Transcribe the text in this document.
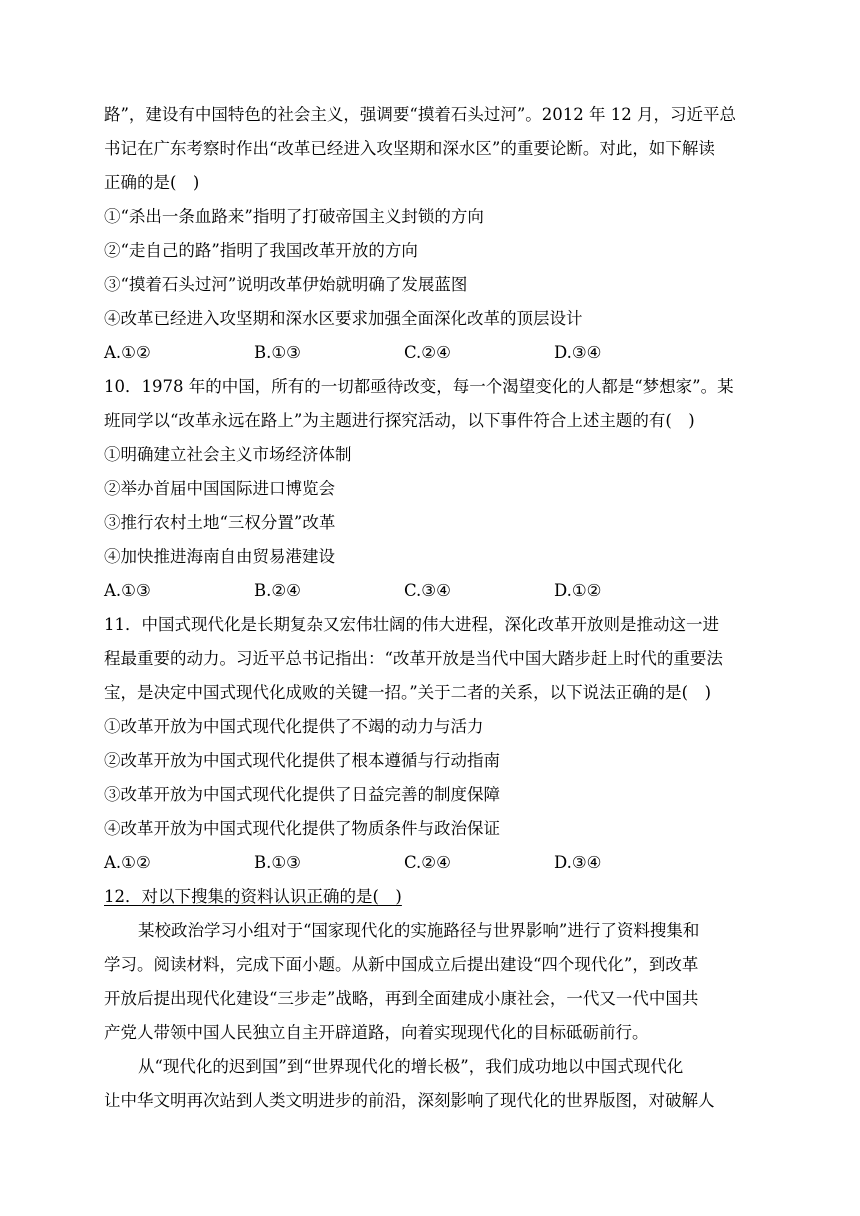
路”，建设有中国特色的社会主义，强调要“摸着石头过河”。2012 年 12 月，习近平总
书记在广东考察时作出“改革已经进入攻坚期和深水区”的重要论断。对此，如下解读
正确的是(　)
①“杀出一条血路来”指明了打破帝国主义封锁的方向
②“走自己的路”指明了我国改革开放的方向
③“摸着石头过河”说明改革伊始就明确了发展蓝图
④改革已经进入攻坚期和深水区要求加强全面深化改革的顶层设计
A.①②	B.①③	C.②④	D.③④
10．1978 年的中国，所有的一切都亟待改变，每一个渴望变化的人都是“梦想家”。某
班同学以“改革永远在路上”为主题进行探究活动，以下事件符合上述主题的有(　)
①明确建立社会主义市场经济体制
②举办首届中国国际进口博览会
③推行农村土地“三权分置”改革
④加快推进海南自由贸易港建设
A.①③	B.②④	C.③④	D.①②
11．中国式现代化是长期复杂又宏伟壮阔的伟大进程，深化改革开放则是推动这一进
程最重要的动力。习近平总书记指出：“改革开放是当代中国大踏步赶上时代的重要法
宝，是决定中国式现代化成败的关键一招。”关于二者的关系，以下说法正确的是(　)
①改革开放为中国式现代化提供了不竭的动力与活力
②改革开放为中国式现代化提供了根本遵循与行动指南
③改革开放为中国式现代化提供了日益完善的制度保障
④改革开放为中国式现代化提供了物质条件与政治保证
A.①②	B.①③	C.②④	D.③④
12．对以下搜集的资料认识正确的是(　)
某校政治学习小组对于“国家现代化的实施路径与世界影响”进行了资料搜集和
学习。阅读材料，完成下面小题。从新中国成立后提出建设“四个现代化”，到改革
开放后提出现代化建设“三步走”战略，再到全面建成小康社会，一代又一代中国共
产党人带领中国人民独立自主开辟道路，向着实现现代化的目标砥砺前行。
从“现代化的迟到国”到“世界现代化的增长极”，我们成功地以中国式现代化
让中华文明再次站到人类文明进步的前沿，深刻影响了现代化的世界版图，对破解人
